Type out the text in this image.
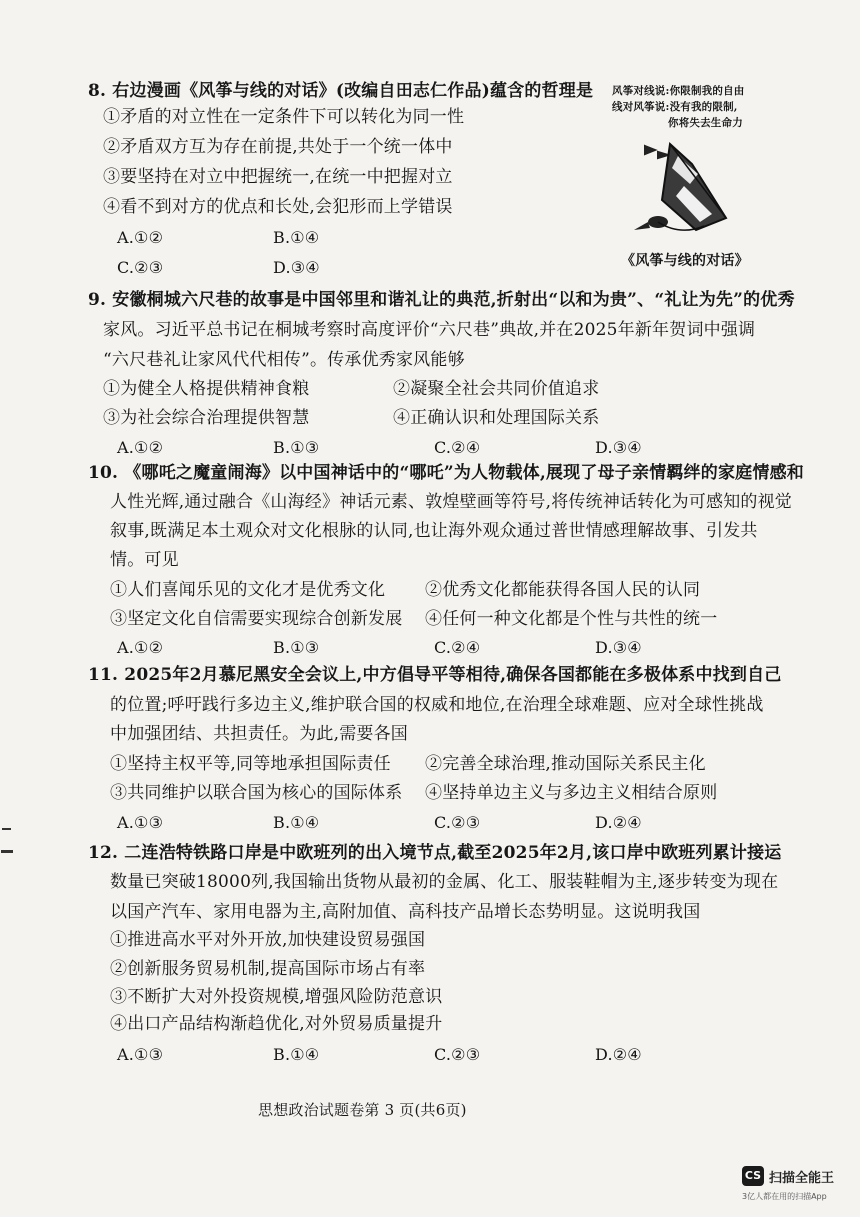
8. 右边漫画《风筝与线的对话》(改编自田志仁作品)蕴含的哲理是
①矛盾的对立性在一定条件下可以转化为同一性
②矛盾双方互为存在前提,共处于一个统一体中
③要坚持在对立中把握统一,在统一中把握对立
④看不到对方的优点和长处,会犯形而上学错误
A.①②	B.①④
C.②③	D.③④
风筝对线说:你限制我的自由
线对风筝说:没有我的限制,
你将失去生命力
《风筝与线的对话》
9. 安徽桐城六尺巷的故事是中国邻里和谐礼让的典范,折射出“以和为贵”、“礼让为先”的优秀
家风。习近平总书记在桐城考察时高度评价“六尺巷”典故,并在2025年新年贺词中强调
“六尺巷礼让家风代代相传”。传承优秀家风能够
①为健全人格提供精神食粮	②凝聚全社会共同价值追求
③为社会综合治理提供智慧	④正确认识和处理国际关系
A.①②	B.①③	C.②④	D.③④
10. 《哪吒之魔童闹海》以中国神话中的“哪吒”为人物载体,展现了母子亲情羁绊的家庭情感和
人性光辉,通过融合《山海经》神话元素、敦煌壁画等符号,将传统神话转化为可感知的视觉
叙事,既满足本土观众对文化根脉的认同,也让海外观众通过普世情感理解故事、引发共
情。可见
①人们喜闻乐见的文化才是优秀文化 ②优秀文化都能获得各国人民的认同
③坚定文化自信需要实现综合创新发展 ④任何一种文化都是个性与共性的统一
A.①②	B.①③	C.②④	D.③④
11. 2025年2月慕尼黑安全会议上,中方倡导平等相待,确保各国都能在多极体系中找到自己
的位置;呼吁践行多边主义,维护联合国的权威和地位,在治理全球难题、应对全球性挑战
中加强团结、共担责任。为此,需要各国
①坚持主权平等,同等地承担国际责任 ②完善全球治理,推动国际关系民主化
③共同维护以联合国为核心的国际体系 ④坚持单边主义与多边主义相结合原则
A.①③	B.①④	C.②③	D.②④
12. 二连浩特铁路口岸是中欧班列的出入境节点,截至2025年2月,该口岸中欧班列累计接运
数量已突破18000列,我国输出货物从最初的金属、化工、服装鞋帽为主,逐步转变为现在
以国产汽车、家用电器为主,高附加值、高科技产品增长态势明显。这说明我国
①推进高水平对外开放,加快建设贸易强国
②创新服务贸易机制,提高国际市场占有率
③不断扩大对外投资规模,增强风险防范意识
④出口产品结构渐趋优化,对外贸易质量提升
A.①③	B.①④	C.②③	D.②④
思想政治试题卷第 3 页(共6页)
CS 扫描全能王
3亿人都在用的扫描App
